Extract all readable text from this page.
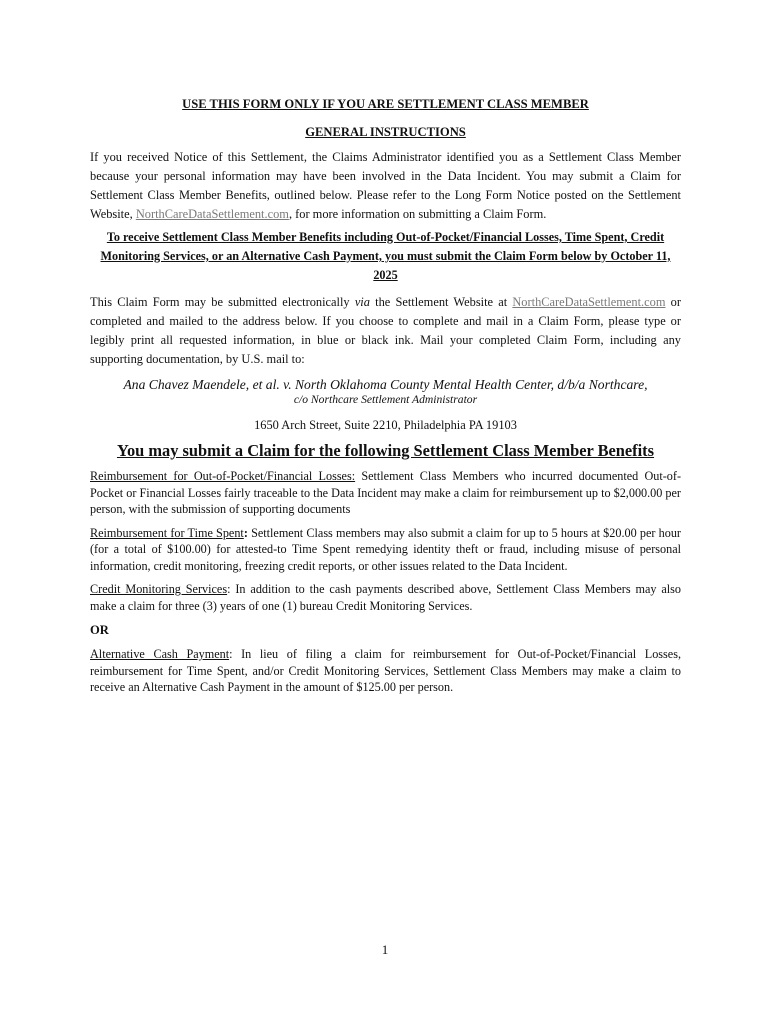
USE THIS FORM ONLY IF YOU ARE SETTLEMENT CLASS MEMBER

GENERAL INSTRUCTIONS

If you received Notice of this Settlement, the Claims Administrator identified you as a Settlement Class Member because your personal information may have been involved in the Data Incident. You may submit a Claim for Settlement Class Member Benefits, outlined below. Please refer to the Long Form Notice posted on the Settlement Website, NorthCareDataSettlement.com, for more information on submitting a Claim Form.

To receive Settlement Class Member Benefits including Out-of-Pocket/Financial Losses, Time Spent, Credit Monitoring Services, or an Alternative Cash Payment, you must submit the Claim Form below by October 11, 2025

This Claim Form may be submitted electronically via the Settlement Website at NorthCareDataSettlement.com or completed and mailed to the address below. If you choose to complete and mail in a Claim Form, please type or legibly print all requested information, in blue or black ink. Mail your completed Claim Form, including any supporting documentation, by U.S. mail to:

Ana Chavez Maendele, et al. v. North Oklahoma County Mental Health Center, d/b/a Northcare,

c/o Northcare Settlement Administrator

1650 Arch Street, Suite 2210, Philadelphia PA 19103

You may submit a Claim for the following Settlement Class Member Benefits

Reimbursement for Out-of-Pocket/Financial Losses: Settlement Class Members who incurred documented Out-of-Pocket or Financial Losses fairly traceable to the Data Incident may make a claim for reimbursement up to $2,000.00 per person, with the submission of supporting documents

Reimbursement for Time Spent: Settlement Class members may also submit a claim for up to 5 hours at $20.00 per hour (for a total of $100.00) for attested-to Time Spent remedying identity theft or fraud, including misuse of personal information, credit monitoring, freezing credit reports, or other issues related to the Data Incident.

Credit Monitoring Services: In addition to the cash payments described above, Settlement Class Members may also make a claim for three (3) years of one (1) bureau Credit Monitoring Services.

OR

Alternative Cash Payment: In lieu of filing a claim for reimbursement for Out-of-Pocket/Financial Losses, reimbursement for Time Spent, and/or Credit Monitoring Services, Settlement Class Members may make a claim to receive an Alternative Cash Payment in the amount of $125.00 per person.

1
